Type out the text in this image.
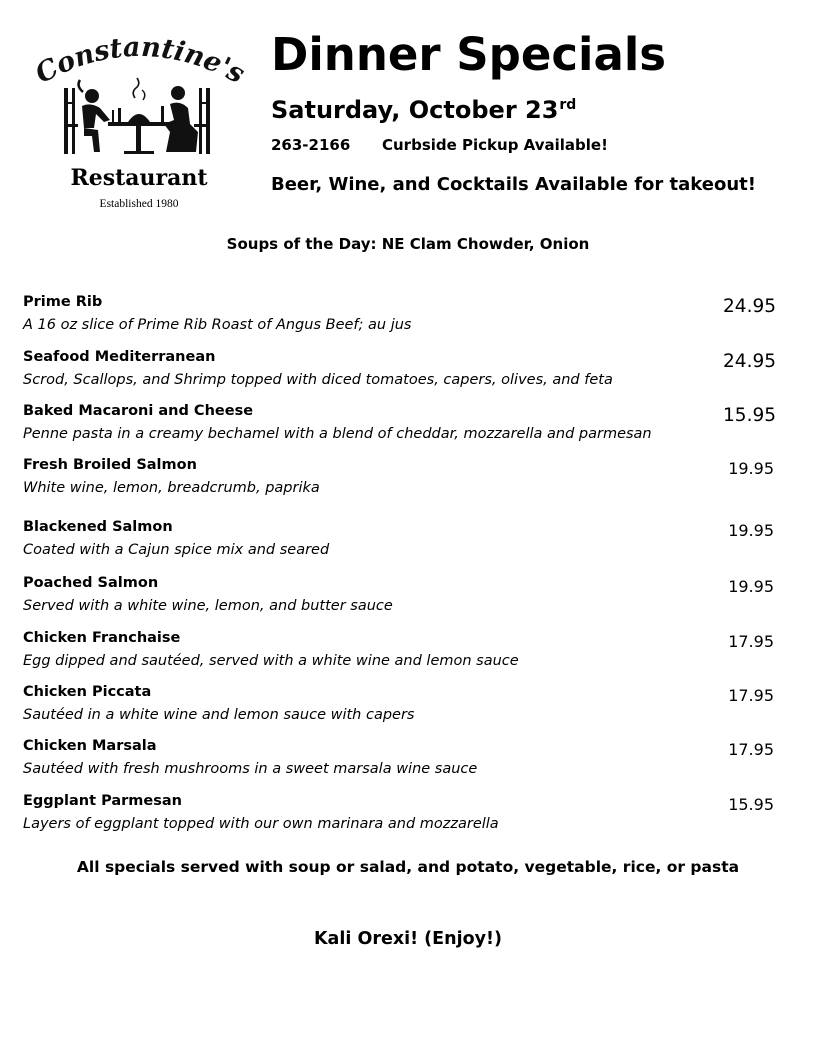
Constantine's
Restaurant
Established 1980
Dinner Specials
Saturday, October 23rd
263-2166 Curbside Pickup Available!
Beer, Wine, and Cocktails Available for takeout!
Soups of the Day: NE Clam Chowder, Onion
Prime Rib
A 16 oz slice of Prime Rib Roast of Angus Beef; au jus
24.95
Seafood Mediterranean
Scrod, Scallops, and Shrimp topped with diced tomatoes, capers, olives, and feta
24.95
Baked Macaroni and Cheese
Penne pasta in a creamy bechamel with a blend of cheddar, mozzarella and parmesan
15.95
Fresh Broiled Salmon
White wine, lemon, breadcrumb, paprika
19.95
Blackened Salmon
Coated with a Cajun spice mix and seared
19.95
Poached Salmon
Served with a white wine, lemon, and butter sauce
19.95
Chicken Franchaise
Egg dipped and sautéed, served with a white wine and lemon sauce
17.95
Chicken Piccata
Sautéed in a white wine and lemon sauce with capers
17.95
Chicken Marsala
Sautéed with fresh mushrooms in a sweet marsala wine sauce
17.95
Eggplant Parmesan
Layers of eggplant topped with our own marinara and mozzarella
15.95
All specials served with soup or salad, and potato, vegetable, rice, or pasta
Kali Orexi! (Enjoy!)
